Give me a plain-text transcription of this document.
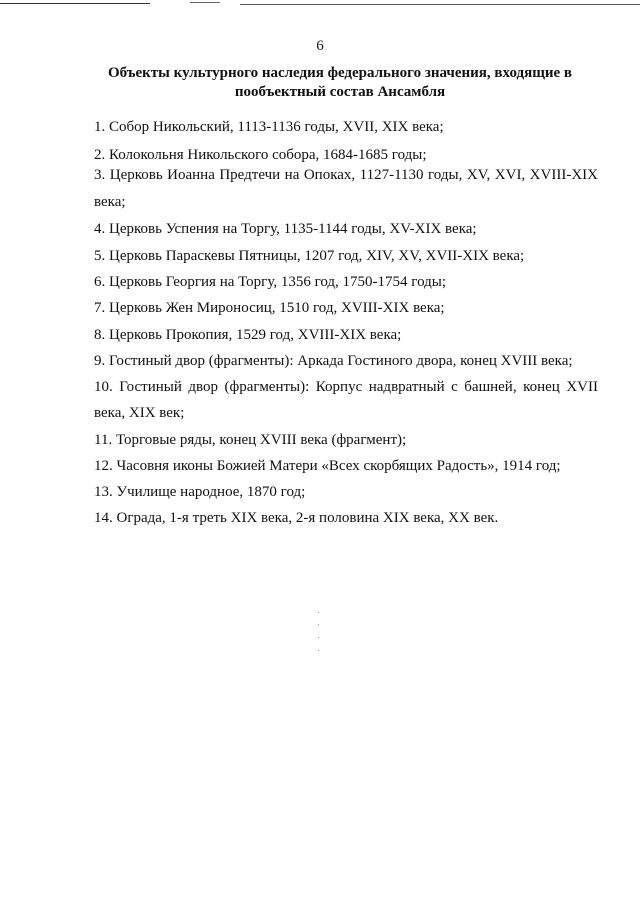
6
Объекты культурного наследия федерального значения, входящие в
пообъектный состав Ансамбля
1. Собор Никольский, 1113-1136 годы, XVII, XIX века;
2. Колокольня Никольского собора, 1684-1685 годы;
3. Церковь Иоанна Предтечи на Опоках, 1127-1130 годы, XV, XVI, XVIII-XIX
века;
4. Церковь Успения на Торгу, 1135-1144 годы, XV-XIX века;
5. Церковь Параскевы Пятницы, 1207 год, XIV, XV, XVII-XIX века;
6. Церковь Георгия на Торгу, 1356 год, 1750-1754 годы;
7. Церковь Жен Мироносиц, 1510 год, XVIII-XIX века;
8. Церковь Прокопия, 1529 год, XVIII-XIX века;
9. Гостиный двор (фрагменты): Аркада Гостиного двора, конец XVIII века;
10. Гостиный двор (фрагменты): Корпус надвратный с башней, конец XVII
века, XIX век;
11. Торговые ряды, конец XVIII века (фрагмент);
12. Часовня иконы Божией Матери «Всех скорбящих Радость», 1914 год;
13. Училище народное, 1870 год;
14. Ограда, 1-я треть XIX века, 2-я половина XIX века, XX век.
